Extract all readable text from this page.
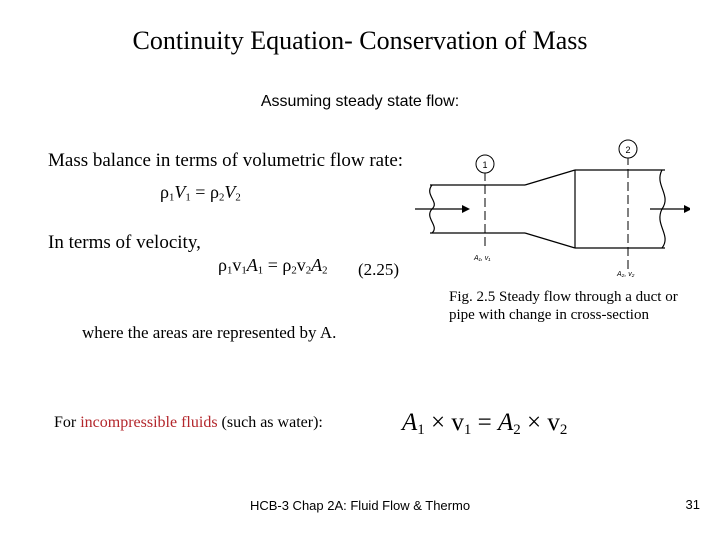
Continuity Equation- Conservation of Mass
Assuming steady state flow:
Mass balance in terms of volumetric flow rate:
$\rho_1V_1 = \rho_2V_2$
In terms of velocity,
$\rho_1v_1A_1 = \rho_2v_2A_2$ (2.25)
where the areas are represented by A.
1
2
A₁, v₁
A₂, v₂
Fig. 2.5 Steady flow through a duct or pipe with change in cross-section
For incompressible fluids (such as water):	$A_1 \times v_1 = A_2 \times v_2$
HCB-3 Chap 2A: Fluid Flow & Thermo	31
